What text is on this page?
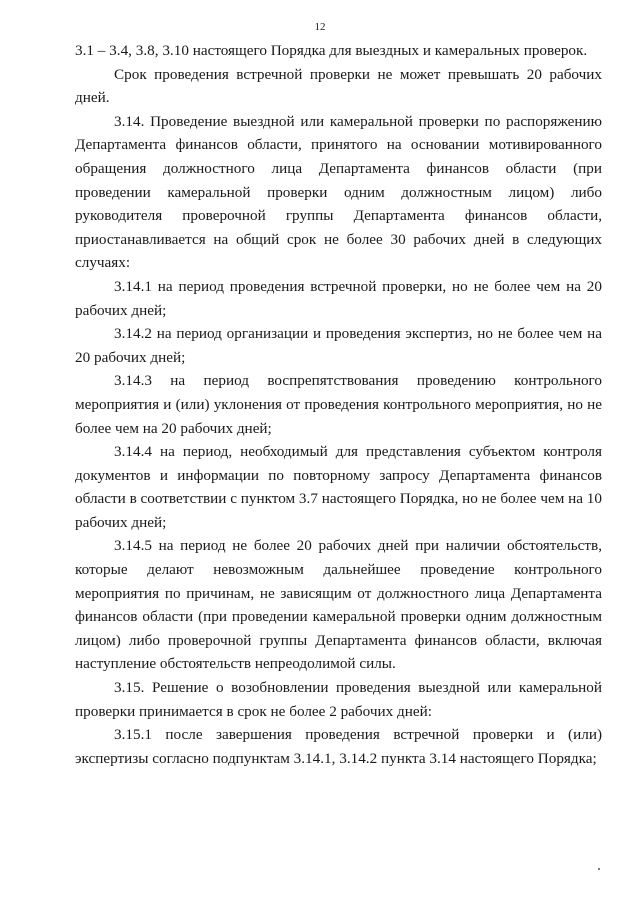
12

3.1 – 3.4, 3.8, 3.10 настоящего Порядка для выездных и камеральных проверок.

Срок проведения встречной проверки не может превышать 20 рабочих дней.

3.14. Проведение выездной или камеральной проверки по распоряжению Департамента финансов области, принятого на основании мотивированного обращения должностного лица Департамента финансов области (при проведении камеральной проверки одним должностным лицом) либо руководителя проверочной группы Департамента финансов области, приостанавливается на общий срок не более 30 рабочих дней в следующих случаях:

3.14.1 на период проведения встречной проверки, но не более чем на 20 рабочих дней;

3.14.2 на период организации и проведения экспертиз, но не более чем на 20 рабочих дней;

3.14.3 на период воспрепятствования проведению контрольного мероприятия и (или) уклонения от проведения контрольного мероприятия, но не более чем на 20 рабочих дней;

3.14.4 на период, необходимый для представления субъектом контроля документов и информации по повторному запросу Департамента финансов области в соответствии с пунктом 3.7 настоящего Порядка, но не более чем на 10 рабочих дней;

3.14.5 на период не более 20 рабочих дней при наличии обстоятельств, которые делают невозможным дальнейшее проведение контрольного мероприятия по причинам, не зависящим от должностного лица Департамента финансов области (при проведении камеральной проверки одним должностным лицом) либо проверочной группы Департамента финансов области, включая наступление обстоятельств непреодолимой силы.

3.15. Решение о возобновлении проведения выездной или камеральной проверки принимается в срок не более 2 рабочих дней:

3.15.1 после завершения проведения встречной проверки и (или) экспертизы согласно подпунктам 3.14.1, 3.14.2 пункта 3.14 настоящего Порядка;
